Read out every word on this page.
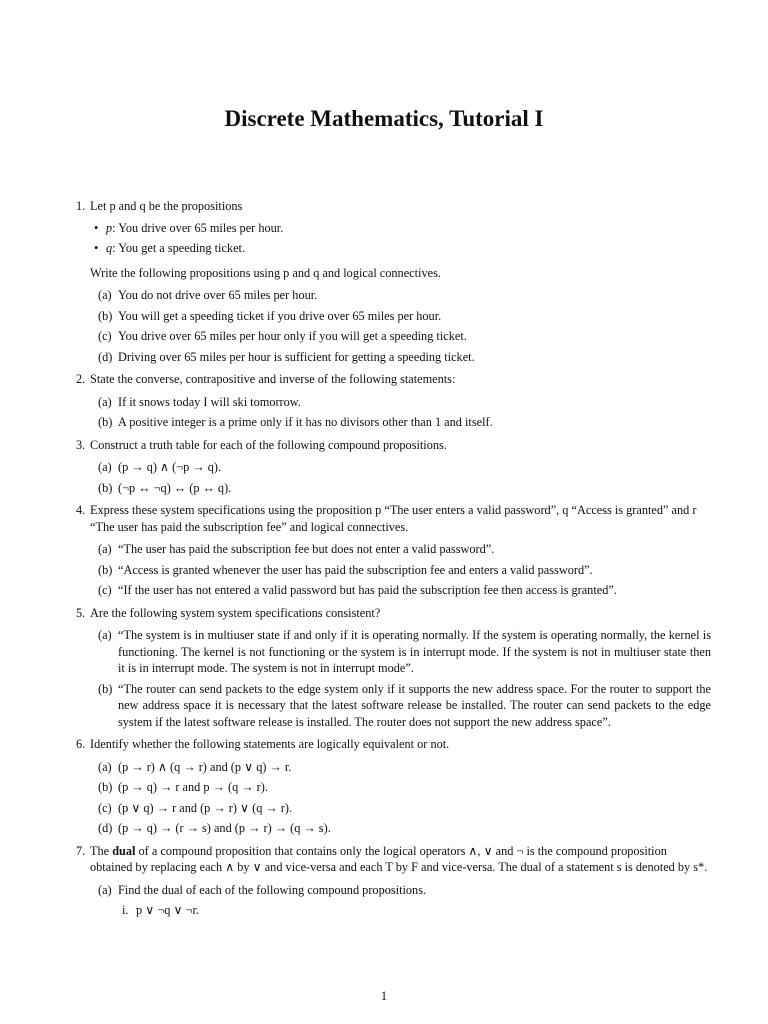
Discrete Mathematics, Tutorial I
1. Let p and q be the propositions

• p: You drive over 65 miles per hour.
• q: You get a speeding ticket.

Write the following propositions using p and q and logical connectives.

(a) You do not drive over 65 miles per hour.
(b) You will get a speeding ticket if you drive over 65 miles per hour.
(c) You drive over 65 miles per hour only if you will get a speeding ticket.
(d) Driving over 65 miles per hour is sufficient for getting a speeding ticket.
2. State the converse, contrapositive and inverse of the following statements:

(a) If it snows today I will ski tomorrow.
(b) A positive integer is a prime only if it has no divisors other than 1 and itself.
3. Construct a truth table for each of the following compound propositions.

(a) (p → q) ∧ (¬p → q).
(b) (¬p ↔ ¬q) ↔ (p ↔ q).
4. Express these system specifications using the proposition p “The user enters a valid password”, q “Access is granted” and r “The user has paid the subscription fee” and logical connectives.

(a) “The user has paid the subscription fee but does not enter a valid password”.
(b) “Access is granted whenever the user has paid the subscription fee and enters a valid password”.
(c) “If the user has not entered a valid password but has paid the subscription fee then access is granted”.
5. Are the following system system specifications consistent?

(a) “The system is in multiuser state if and only if it is operating normally. If the system is operating normally, the kernel is functioning. The kernel is not functioning or the system is in interrupt mode. If the system is not in multiuser state then it is in interrupt mode. The system is not in interrupt mode”.
(b) “The router can send packets to the edge system only if it supports the new address space. For the router to support the new address space it is necessary that the latest software release be installed. The router can send packets to the edge system if the latest software release is installed. The router does not support the new address space”.
6. Identify whether the following statements are logically equivalent or not.

(a) (p → r) ∧ (q → r) and (p ∨ q) → r.
(b) (p → q) → r and p → (q → r).
(c) (p ∨ q) → r and (p → r) ∨ (q → r).
(d) (p → q) → (r → s) and (p → r) → (q → s).
7. The dual of a compound proposition that contains only the logical operators ∧, ∨ and ¬ is the compound proposition obtained by replacing each ∧ by ∨ and vice-versa and each T by F and vice-versa. The dual of a statement s is denoted by s*.

(a) Find the dual of each of the following compound propositions.
i. p ∨ ¬q ∨ ¬r.
1
